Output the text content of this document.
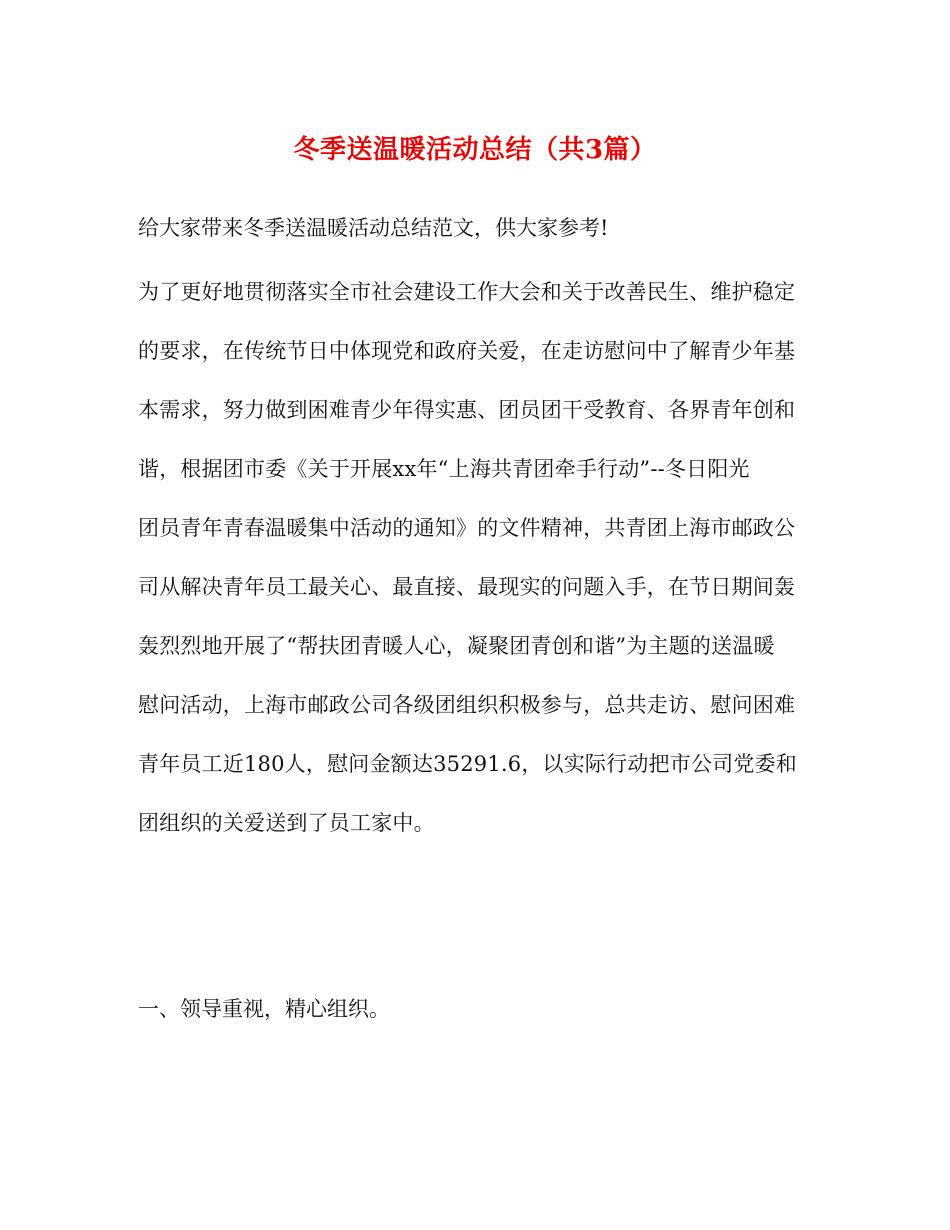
冬季送温暖活动总结（共3篇）
给大家带来冬季送温暖活动总结范文，供大家参考!
为了更好地贯彻落实全市社会建设工作大会和关于改善民生、维护稳定
的要求，在传统节日中体现党和政府关爱，在走访慰问中了解青少年基
本需求，努力做到困难青少年得实惠、团员团干受教育、各界青年创和
谐，根据团市委《关于开展xx年“上海共青团牵手行动”--冬日阳光
团员青年青春温暖集中活动的通知》的文件精神，共青团上海市邮政公
司从解决青年员工最关心、最直接、最现实的问题入手，在节日期间轰
轰烈烈地开展了“帮扶团青暖人心，凝聚团青创和谐”为主题的送温暖
慰问活动，上海市邮政公司各级团组织积极参与，总共走访、慰问困难
青年员工近180人，慰问金额达35291.6，以实际行动把市公司党委和
团组织的关爱送到了员工家中。
一、领导重视，精心组织。
